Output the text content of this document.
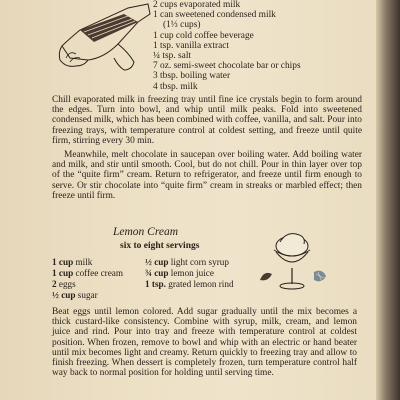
2 cups evaporated milk
1 can sweetened condensed milk
(1⅓ cups)
1 cup cold coffee beverage
1 tsp. vanilla extract
¼ tsp. salt
7 oz. semi-sweet chocolate bar or chips
3 tbsp. boiling water
4 tbsp. milk
Chill evaporated milk in freezing tray until fine ice crystals begin to form around the edges. Turn into bowl, and whip until milk peaks. Fold into sweetened condensed milk, which has been combined with coffee, vanilla, and salt. Pour into freezing trays, with temperature control at coldest setting, and freeze until quite firm, stirring every 30 min.
Meanwhile, melt chocolate in saucepan over boiling water. Add boiling water and milk, and stir until smooth. Cool, but do not chill. Pour in thin layer over top of the “quite firm” cream. Return to refrigerator, and freeze until firm enough to serve. Or stir chocolate into “quite firm” cream in streaks or marbled effect; then freeze until firm.
Lemon Cream
six to eight servings
1 cup milk
1 cup coffee cream
2 eggs
½ cup sugar
½ cup light corn syrup
¾ cup lemon juice
1 tsp. grated lemon rind
Beat eggs until lemon colored. Add sugar gradually until the mix becomes a thick custard-like consistency. Combine with syrup, milk, cream, and lemon juice and rind. Pour into tray and freeze with temperature control at coldest position. When frozen, remove to bowl and whip with an electric or hand beater until mix becomes light and creamy. Return quickly to freezing tray and allow to finish freezing. When dessert is completely frozen, turn temperature control half way back to normal position for holding until serving time.
